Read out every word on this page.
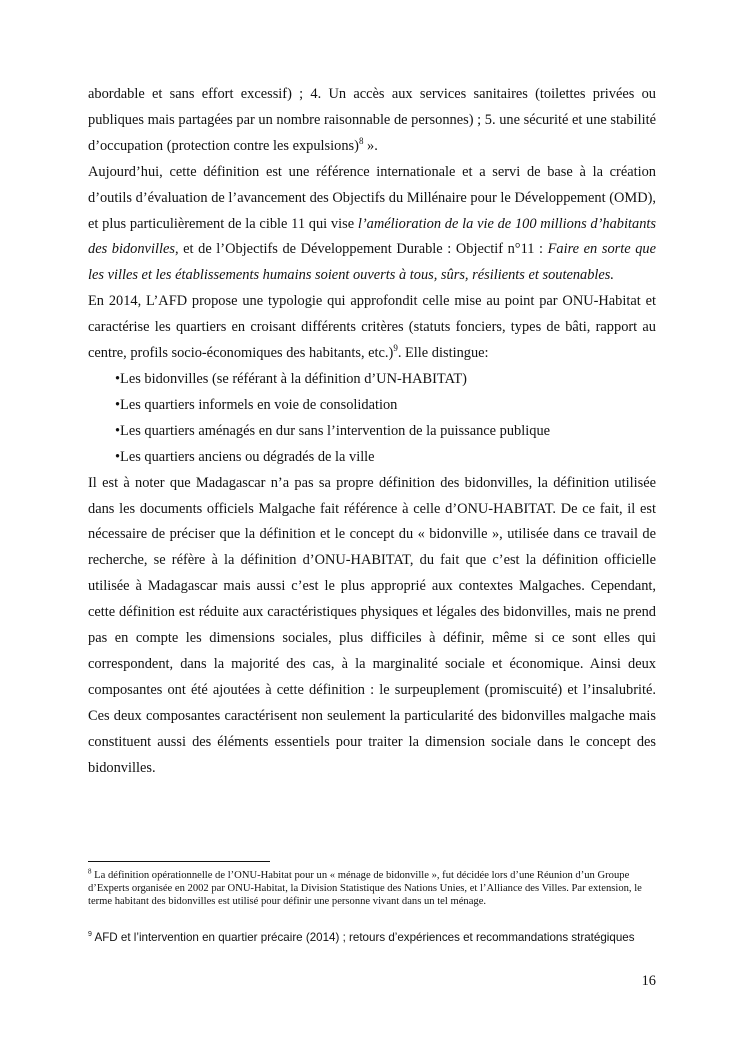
abordable et sans effort excessif) ; 4. Un accès aux services sanitaires (toilettes privées ou publiques mais partagées par un nombre raisonnable de personnes) ; 5. une sécurité et une stabilité d’occupation (protection contre les expulsions)$^8$ ».

Aujourd’hui, cette définition est une référence internationale et a servi de base à la création d’outils d’évaluation de l’avancement des Objectifs du Millénaire pour le Développement (OMD), et plus particulièrement de la cible 11 qui vise l’amélioration de la vie de 100 millions d’habitants des bidonvilles, et de l’Objectifs de Développement Durable : Objectif n°11 : Faire en sorte que les villes et les établissements humains soient ouverts à tous, sûrs, résilients et soutenables.

En 2014, L’AFD propose une typologie qui approfondit celle mise au point par ONU-Habitat et caractérise les quartiers en croisant différents critères (statuts fonciers, types de bâti, rapport au centre, profils socio-économiques des habitants, etc.)$^9$. Elle distingue:

•Les bidonvilles (se référant à la définition d’UN-HABITAT)

•Les quartiers informels en voie de consolidation

•Les quartiers aménagés en dur sans l’intervention de la puissance publique

•Les quartiers anciens ou dégradés de la ville

Il est à noter que Madagascar n’a pas sa propre définition des bidonvilles, la définition utilisée dans les documents officiels Malgache fait référence à celle d’ONU-HABITAT. De ce fait, il est nécessaire de préciser que la définition et le concept du « bidonville », utilisée dans ce travail de recherche, se réfère à la définition d’ONU-HABITAT, du fait que c’est la définition officielle utilisée à Madagascar mais aussi c’est le plus approprié aux contextes Malgaches. Cependant, cette définition est réduite aux caractéristiques physiques et légales des bidonvilles, mais ne prend pas en compte les dimensions sociales, plus difficiles à définir, même si ce sont elles qui correspondent, dans la majorité des cas, à la marginalité sociale et économique. Ainsi deux composantes ont été ajoutées à cette définition : le surpeuplement (promiscuité) et l’insalubrité. Ces deux composantes caractérisent non seulement la particularité des bidonvilles malgache mais constituent aussi des éléments essentiels pour traiter la dimension sociale dans le concept des bidonvilles.

$^8$ La définition opérationnelle de l’ONU-Habitat pour un « ménage de bidonville », fut décidée lors d’une Réunion d’un Groupe d’Experts organisée en 2002 par ONU-Habitat, la Division Statistique des Nations Unies, et l’Alliance des Villes. Par extension, le terme habitant des bidonvilles est utilisé pour définir une personne vivant dans un tel ménage.
$^9$ AFD et l’intervention en quartier précaire (2014) ; retours d’expériences et recommandations stratégiques
16
